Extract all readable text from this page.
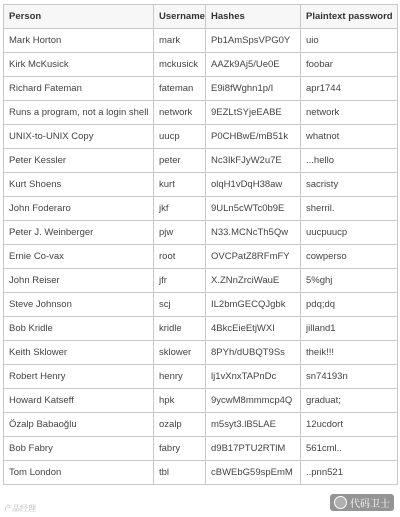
Person	Username	Hashes	Plaintext password
Mark Horton	mark	Pb1AmSpsVPG0Y	uio
Kirk McKusick	mckusick	AAZk9Aj5/Ue0E	foobar
Richard Fateman	fateman	E9i8fWghn1p/I	apr1744
Runs a program, not a login shell	network	9EZLtSYjeEABE	network
UNIX-to-UNIX Copy	uucp	P0CHBwE/mB51k	whatnot
Peter Kessler	peter	Nc3IkFJyW2u7E	...hello
Kurt Shoens	kurt	olqH1vDqH38aw	sacristy
John Foderaro	jkf	9ULn5cWTc0b9E	sherril.
Peter J. Weinberger	pjw	N33.MCNcTh5Qw	uucpuucp
Ernie Co-vax	root	OVCPatZ8RFmFY	cowperso
John Reiser	jfr	X.ZNnZrciWauE	5%ghj
Steve Johnson	scj	IL2bmGECQJgbk	pdq;dq
Bob Kridle	kridle	4BkcEieEtjWXI	jilland1
Keith Sklower	sklower	8PYh/dUBQT9Ss	theik!!!
Robert Henry	henry	lj1vXnxTAPnDc	sn74193n
Howard Katseff	hpk	9ycwM8mmmcp4Q	graduat;
Özalp Babaoğlu	ozalp	m5syt3.lB5LAE	12ucdort
Bob Fabry	fabry	d9B17PTU2RTlM	561cml..
Tom London	tbl	cBWEbG59spEmM	..pnn521
产品经理	代码卫士
